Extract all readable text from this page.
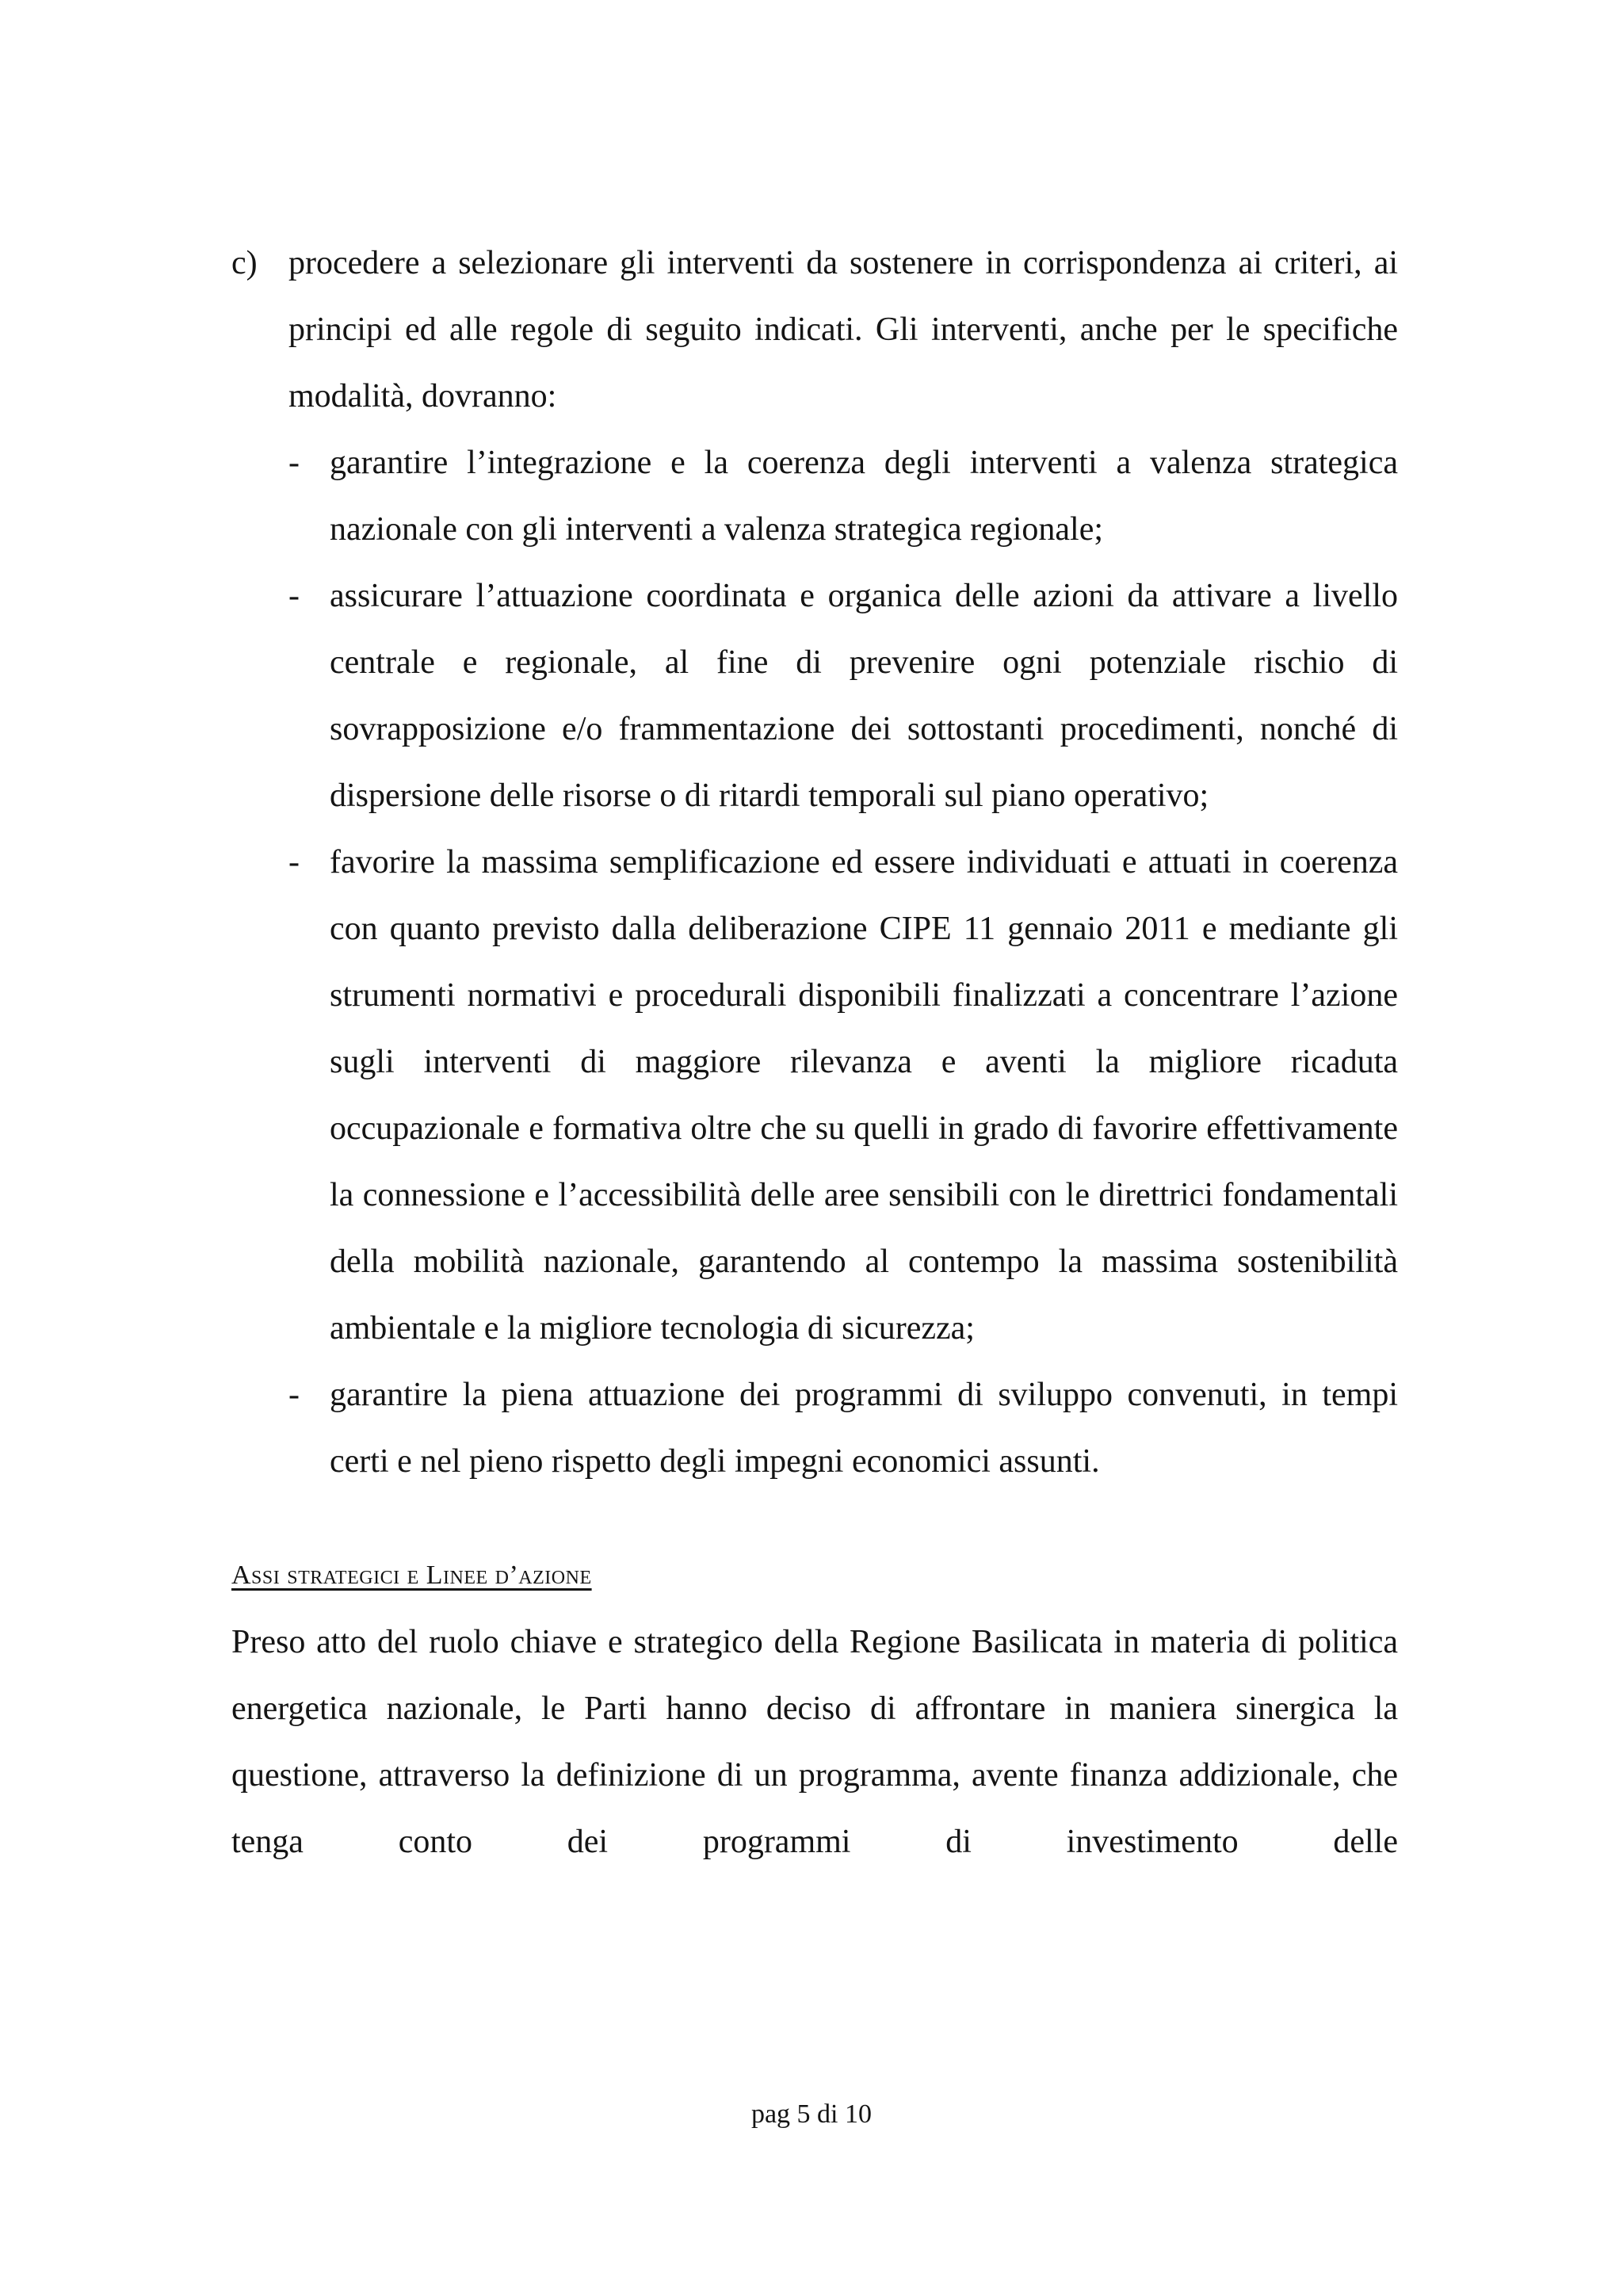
c) procedere a selezionare gli interventi da sostenere in corrispondenza ai criteri, ai principi ed alle regole di seguito indicati. Gli interventi, anche per le specifiche modalità, dovranno:
- garantire l’integrazione e la coerenza degli interventi a valenza strategica nazionale con gli interventi a valenza strategica regionale;
- assicurare l’attuazione coordinata e organica delle azioni da attivare a livello centrale e regionale, al fine di prevenire ogni potenziale rischio di sovrapposizione e/o frammentazione dei sottostanti procedimenti, nonché di dispersione delle risorse o di ritardi temporali sul piano operativo;
- favorire la massima semplificazione ed essere individuati e attuati in coerenza con quanto previsto dalla deliberazione CIPE 11 gennaio 2011 e mediante gli strumenti normativi e procedurali disponibili finalizzati a concentrare l’azione sugli interventi di maggiore rilevanza e aventi la migliore ricaduta occupazionale e formativa oltre che su quelli in grado di favorire effettivamente la connessione e l’accessibilità delle aree sensibili con le direttrici fondamentali della mobilità nazionale, garantendo al contempo la massima sostenibilità ambientale e la migliore tecnologia di sicurezza;
- garantire la piena attuazione dei programmi di sviluppo convenuti, in tempi certi e nel pieno rispetto degli impegni economici assunti.
Assi strategici e Linee d’azione
Preso atto del ruolo chiave e strategico della Regione Basilicata in materia di politica energetica nazionale, le Parti hanno deciso di affrontare in maniera sinergica la questione, attraverso la definizione di un programma, avente finanza addizionale, che tenga conto dei programmi di investimento delle
pag 5 di 10
